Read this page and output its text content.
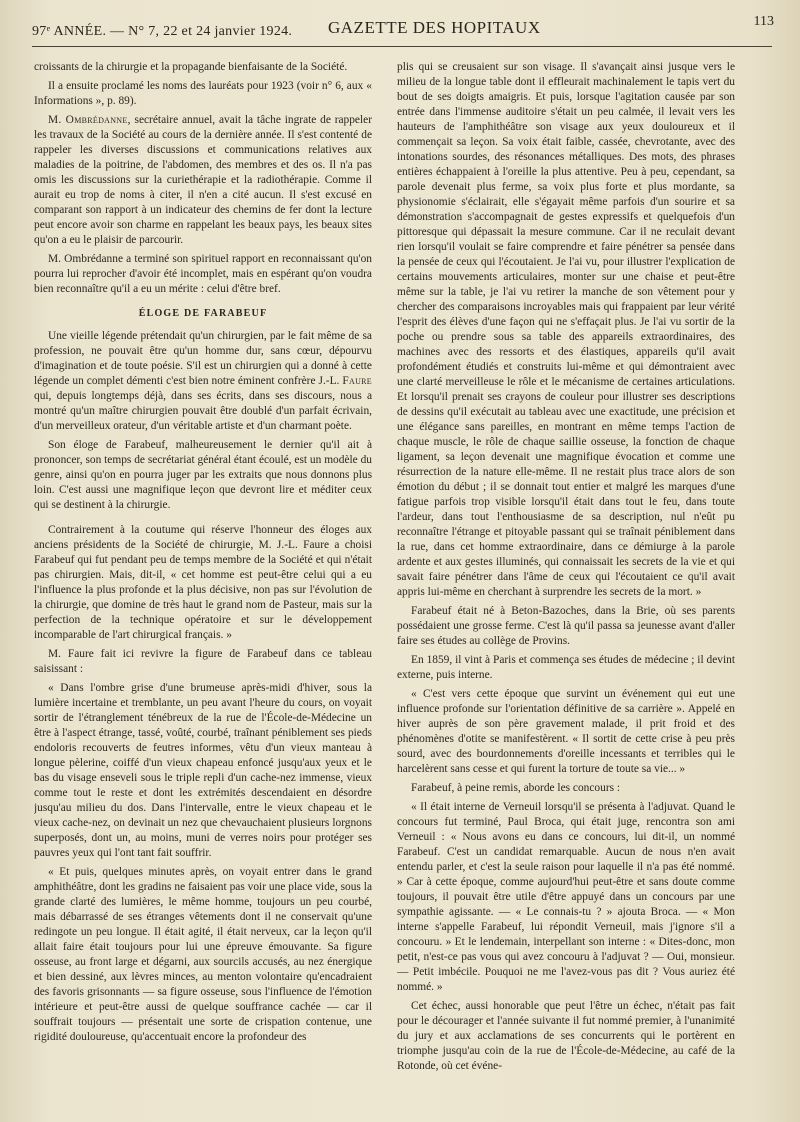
97ᵉ ANNÉE. — N° 7, 22 et 24 janvier 1924. GAZETTE DES HOPITAUX	113

croissants de la chirurgie et la propagande bienfaisante de la Société.

Il a ensuite proclamé les noms des lauréats pour 1923 (voir n° 6, aux « Informations », p. 89).

M. Ombrédanne, secrétaire annuel, avait la tâche ingrate de rappeler les travaux de la Société au cours de la dernière année. Il s'est contenté de rappeler les diverses discussions et communications relatives aux maladies de la poitrine, de l'abdomen, des membres et des os. Il n'a pas omis les discussions sur la curiethérapie et la radiothérapie. Comme il aurait eu trop de noms à citer, il n'en a cité aucun. Il s'est excusé en comparant son rapport à un indicateur des chemins de fer dont la lecture peut encore avoir son charme en rappelant les beaux pays, les beaux sites qu'on a eu le plaisir de parcourir.

M. Ombrédanne a terminé son spirituel rapport en reconnaissant qu'on pourra lui reprocher d'avoir été incomplet, mais en espérant qu'on voudra bien reconnaître qu'il a eu un mérite : celui d'être bref.

ÉLOGE DE FARABEUF

Une vieille légende prétendait qu'un chirurgien, par le fait même de sa profession, ne pouvait être qu'un homme dur, sans cœur, dépourvu d'imagination et de toute poésie. S'il est un chirurgien qui a donné à cette légende un complet démenti c'est bien notre éminent confrère J.-L. Faure qui, depuis longtemps déjà, dans ses écrits, dans ses discours, nous a montré qu'un maître chirurgien pouvait être doublé d'un parfait écrivain, d'un merveilleux orateur, d'un véritable artiste et d'un charmant poète.

Son éloge de Farabeuf, malheureusement le dernier qu'il ait à prononcer, son temps de secrétariat général étant écoulé, est un modèle du genre, ainsi qu'on en pourra juger par les extraits que nous donnons plus loin. C'est aussi une magnifique leçon que devront lire et méditer ceux qui se destinent à la chirurgie.

Contrairement à la coutume qui réserve l'honneur des éloges aux anciens présidents de la Société de chirurgie, M. J.-L. Faure a choisi Farabeuf qui fut pendant peu de temps membre de la Société et qui n'était pas chirurgien. Mais, dit-il, « cet homme est peut-être celui qui a eu l'influence la plus profonde et la plus décisive, non pas sur l'évolution de la chirurgie, que domine de très haut le grand nom de Pasteur, mais sur la perfection de la technique opératoire et sur le développement incomparable de l'art chirurgical français. »

M. Faure fait ici revivre la figure de Farabeuf dans ce tableau saisissant :

« Dans l'ombre grise d'une brumeuse après-midi d'hiver, sous la lumière incertaine et tremblante, un peu avant l'heure du cours, on voyait sortir de l'étranglement ténébreux de la rue de l'École-de-Médecine un être à l'aspect étrange, tassé, voûté, courbé, traînant péniblement ses pieds endoloris recouverts de feutres informes, vêtu d'un vieux manteau à longue pèlerine, coiffé d'un vieux chapeau enfoncé jusqu'aux yeux et le bas du visage enseveli sous le triple repli d'un cache-nez immense, vieux comme tout le reste et dont les extrémités descendaient en désordre jusqu'au milieu du dos. Dans l'intervalle, entre le vieux chapeau et le vieux cache-nez, on devinait un nez que chevauchaient plusieurs lorgnons superposés, dont un, au moins, muni de verres noirs pour protéger ses pauvres yeux qui l'ont tant fait souffrir.

« Et puis, quelques minutes après, on voyait entrer dans le grand amphithéâtre, dont les gradins ne faisaient pas voir une place vide, sous la grande clarté des lumières, le même homme, toujours un peu courbé, mais débarrassé de ses étranges vêtements dont il ne conservait qu'une redingote un peu longue. Il était agité, il était nerveux, car la leçon qu'il allait faire était toujours pour lui une épreuve émouvante. Sa figure osseuse, au front large et dégarni, aux sourcils accusés, au nez énergique et bien dessiné, aux lèvres minces, au menton volontaire qu'encadraient des favoris grisonnants — sa figure osseuse, sous l'influence de l'émotion intérieure et peut-être aussi de quelque souffrance cachée — car il souffrait toujours — présentait une sorte de crispation contenue, une rigidité douloureuse, qu'accentuait encore la profondeur des

plis qui se creusaient sur son visage. Il s'avançait ainsi jusque vers le milieu de la longue table dont il effleurait machinalement le tapis vert du bout de ses doigts amaigris. Et puis, lorsque l'agitation causée par son entrée dans l'immense auditoire s'était un peu calmée, il levait vers les hauteurs de l'amphithéâtre son visage aux yeux douloureux et il commençait sa leçon. Sa voix était faible, cassée, chevrotante, avec des intonations sourdes, des résonances métalliques. Des mots, des phrases entières échappaient à l'oreille la plus attentive. Peu à peu, cependant, sa parole devenait plus ferme, sa voix plus forte et plus mordante, sa physionomie s'éclairait, elle s'égayait même parfois d'un sourire et sa démonstration s'accompagnait de gestes expressifs et quelquefois d'un pittoresque qui dépassait la mesure commune. Car il ne reculait devant rien lorsqu'il voulait se faire comprendre et faire pénétrer sa pensée dans la pensée de ceux qui l'écoutaient. Je l'ai vu, pour illustrer l'explication de certains mouvements articulaires, monter sur une chaise et peut-être même sur la table, je l'ai vu retirer la manche de son vêtement pour y chercher des comparaisons incroyables mais qui frappaient par leur vérité l'esprit des élèves d'une façon qui ne s'effaçait plus. Je l'ai vu sortir de la poche ou prendre sous sa table des appareils extraordinaires, des machines avec des ressorts et des élastiques, appareils qu'il avait profondément étudiés et construits lui-même et qui démontraient avec une clarté merveilleuse le rôle et le mécanisme de certaines articulations. Et lorsqu'il prenait ses crayons de couleur pour illustrer ses descriptions de dessins qu'il exécutait au tableau avec une exactitude, une précision et une élégance sans pareilles, en montrant en même temps l'action de chaque muscle, le rôle de chaque saillie osseuse, la fonction de chaque ligament, sa leçon devenait une magnifique évocation et comme une résurrection de la nature elle-même. Il ne restait plus trace alors de son émotion du début ; il se donnait tout entier et malgré les marques d'une fatigue parfois trop visible lorsqu'il était dans tout le feu, dans toute l'ardeur, dans tout l'enthousiasme de sa description, nul n'eût pu reconnaître l'étrange et pitoyable passant qui se traînait péniblement dans la rue, dans cet homme extraordinaire, dans ce démiurge à la parole ardente et aux gestes illuminés, qui connaissait les secrets de la vie et qui savait faire pénétrer dans l'âme de ceux qui l'écoutaient ce qu'il avait appris lui-même en cherchant à surprendre les secrets de la mort. »

Farabeuf était né à Beton-Bazoches, dans la Brie, où ses parents possédaient une grosse ferme. C'est là qu'il passa sa jeunesse avant d'aller faire ses études au collège de Provins.

En 1859, il vint à Paris et commença ses études de médecine ; il devint externe, puis interne.

« C'est vers cette époque que survint un événement qui eut une influence profonde sur l'orientation définitive de sa carrière ». Appelé en hiver auprès de son père gravement malade, il prit froid et des phénomènes d'otite se manifestèrent. « Il sortit de cette crise à peu près sourd, avec des bourdonnements d'oreille incessants et terribles qui le harcelèrent sans cesse et qui furent la torture de toute sa vie... »

Farabeuf, à peine remis, aborde les concours :

« Il était interne de Verneuil lorsqu'il se présenta à l'adjuvat. Quand le concours fut terminé, Paul Broca, qui était juge, rencontra son ami Verneuil : « Nous avons eu dans ce concours, lui dit-il, un nommé Farabeuf. C'est un candidat remarquable. Aucun de nous n'en avait entendu parler, et c'est la seule raison pour laquelle il n'a pas été nommé. » Car à cette époque, comme aujourd'hui peut-être et sans doute comme toujours, il pouvait être utile d'être appuyé dans un concours par une sympathie agissante. — « Le connais-tu ? » ajouta Broca. — « Mon interne s'appelle Farabeuf, lui répondit Verneuil, mais j'ignore s'il a concouru. » Et le lendemain, interpellant son interne : « Dites-donc, mon petit, n'est-ce pas vous qui avez concouru à l'adjuvat ? — Oui, monsieur. — Petit imbécile. Pouquoi ne me l'avez-vous pas dit ? Vous auriez été nommé. »

Cet échec, aussi honorable que peut l'être un échec, n'était pas fait pour le décourager et l'année suivante il fut nommé premier, à l'unanimité du jury et aux acclamations de ses concurrents qui le portèrent en triomphe jusqu'au coin de la rue de l'École-de-Médecine, au café de la Rotonde, où cet événe-
